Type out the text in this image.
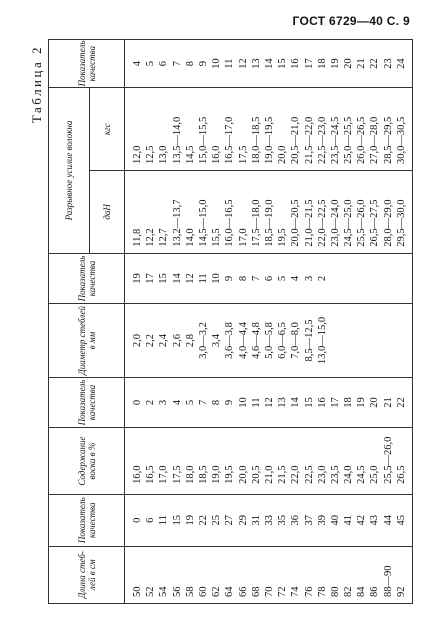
ГОСТ 6729—40 С. 9
Таблица 2
Длина стеб-лей в см	Показатель качества	Содержание воска в %	Показатель качества	Диаметр стеблей в мм	Показатель качества	Разрывное усилие волокна		Показатель качества
						даН	кгс	
50	0	16,0	0	2,0	19	11,8	12,0	4
52	6	16,5	2	2,2	17	12,2	12,5	5
54	11	17,0	3	2,4	15	12,7	13,0	6
56	15	17,5	4	2,6	14	13,2—13,7	13,5—14,0	7
58	19	18,0	5	2,8	12	14,0	14,5	8
60	22	18,5	7	3,0—3,2	11	14,5—15,0	15,0—15,5	9
62	25	19,0	8	3,4	10	15,5	16,0	10
64	27	19,5	9	3,6—3,8	9	16,0—16,5	16,5—17,0	11
66	29	20,0	10	4,0—4,4	8	17,0	17,5	12
68	31	20,5	11	4,6—4,8	7	17,5—18,0	18,0—18,5	13
70	33	21,0	12	5,0—5,8	6	18,5—19,0	19,0—19,5	14
72	35	21,5	13	6,0—6,5	5	19,5	20,0	15
74	36	22,0	14	7,0—8,0	4	20,0—20,5	20,5—21,0	16
76	37	22,5	15	8,5—12,5	3	21,0—21,5	21,5—22,0	17
78	39	23,0	16	13,0—15,0	2	22,0—22,5	22,5—23,0	18
80	40	23,5	17			23,0—24,0	23,5—24,5	19
82	41	24,0	18			24,5—25,0	25,0—25,5	20
84	42	24,5	19			25,5—26,0	26,0—26,5	21
86	43	25,0	20			26,5—27,5	27,0—28,0	22
88—90	44	25,5—26,0	21			28,0—29,0	28,5—29,5	23
92	45	26,5	22			29,5—30,0	30,0—30,5	24
